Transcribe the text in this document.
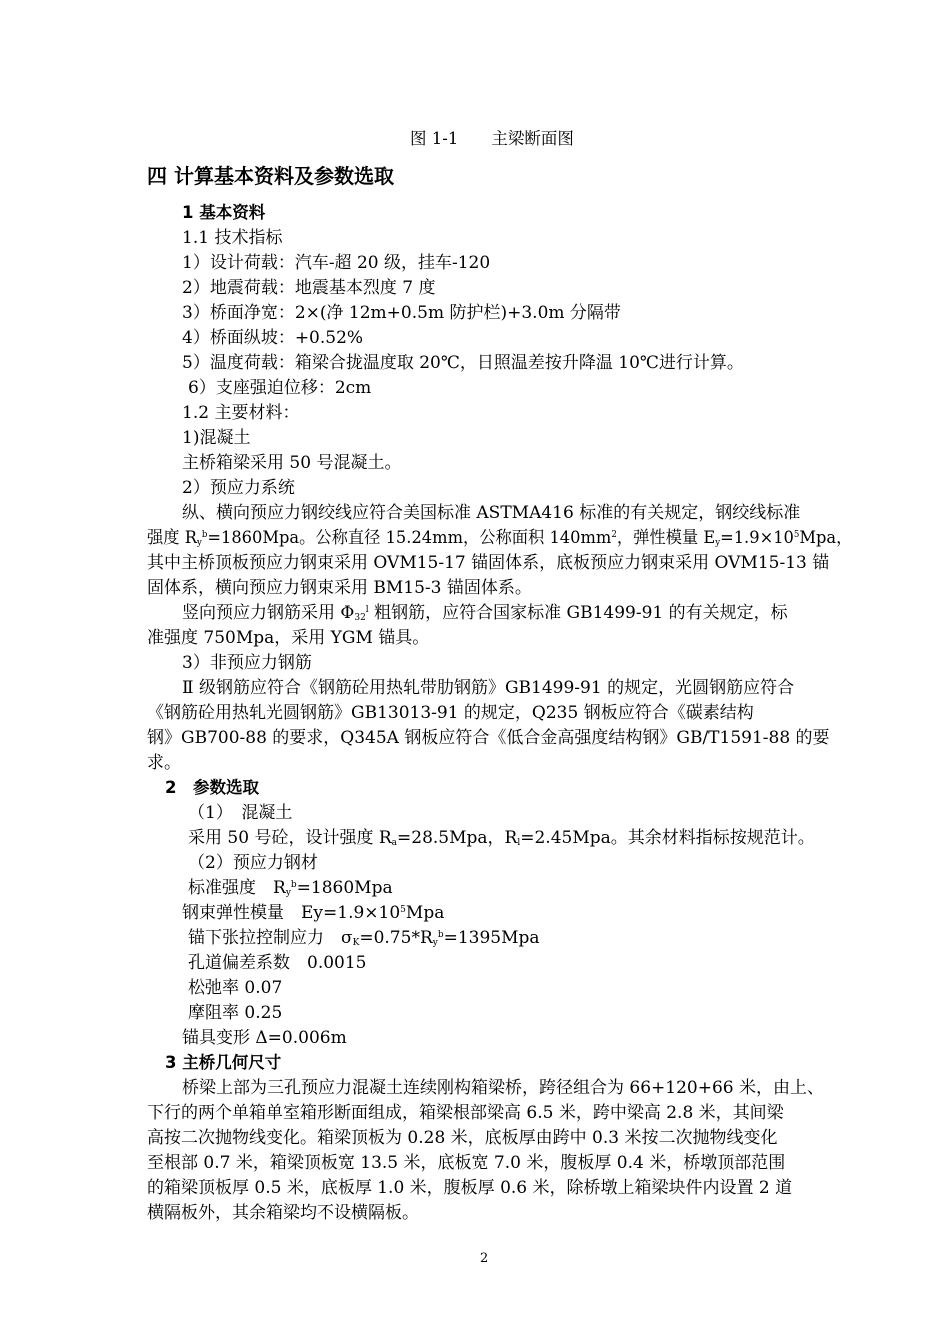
图 1-1　　主梁断面图
四 计算基本资料及参数选取
1 基本资料
1.1 技术指标
1）设计荷载：汽车-超 20 级，挂车-120
2）地震荷载：地震基本烈度 7 度
3）桥面净宽：2×(净 12m+0.5m 防护栏)+3.0m 分隔带
4）桥面纵坡：+0.52%
5）温度荷载：箱梁合拢温度取 20℃，日照温差按升降温 10℃进行计算。
6）支座强迫位移：2cm
1.2 主要材料：
1)混凝土
主桥箱梁采用 50 号混凝土。
2）预应力系统
纵、横向预应力钢绞线应符合美国标准 ASTMA416 标准的有关规定，钢绞线标准
强度 $R_y^b=1860Mpa$。公称直径 15.24mm，公称面积 $140mm^2$，弹性模量 $E_y=1.9\times 10^5Mpa$，
其中主桥顶板预应力钢束采用 OVM15-17 锚固体系，底板预应力钢束采用 OVM15-13 锚
固体系，横向预应力钢束采用 BM15-3 锚固体系。
竖向预应力钢筋采用 $\Phi_{32}^l$ 粗钢筋，应符合国家标准 GB1499-91 的有关规定，标
准强度 750Mpa，采用 YGM 锚具。
3）非预应力钢筋
Ⅱ 级钢筋应符合《钢筋砼用热轧带肋钢筋》GB1499-91 的规定，光圆钢筋应符合
《钢筋砼用热轧光圆钢筋》GB13013-91 的规定，Q235 钢板应符合《碳素结构
钢》GB700-88 的要求，Q345A 钢板应符合《低合金高强度结构钢》GB/T1591-88 的要
求。
2　参数选取
（1）　混凝土
采用 50 号砼，设计强度 $R_a=28.5Mpa$，$R_l=2.45Mpa$。其余材料指标按规范计。
（2）预应力钢材
标准强度　$R_y^b=1860Mpa$
钢束弹性模量　$Ey=1.9\times 10^5Mpa$
锚下张拉控制应力　$\sigma_K=0.75*R_y^b=1395Mpa$
孔道偏差系数　0.0015
松弛率 0.07
摩阻率 0.25
锚具变形 Δ=0.006m
3 主桥几何尺寸
桥梁上部为三孔预应力混凝土连续刚构箱梁桥，跨径组合为 66+120+66 米，由上、
下行的两个单箱单室箱形断面组成，箱梁根部梁高 6.5 米，跨中梁高 2.8 米，其间梁
高按二次抛物线变化。箱梁顶板为 0.28 米，底板厚由跨中 0.3 米按二次抛物线变化
至根部 0.7 米，箱梁顶板宽 13.5 米，底板宽 7.0 米，腹板厚 0.4 米，桥墩顶部范围
的箱梁顶板厚 0.5 米，底板厚 1.0 米，腹板厚 0.6 米，除桥墩上箱梁块件内设置 2 道
横隔板外，其余箱梁均不设横隔板。
2
